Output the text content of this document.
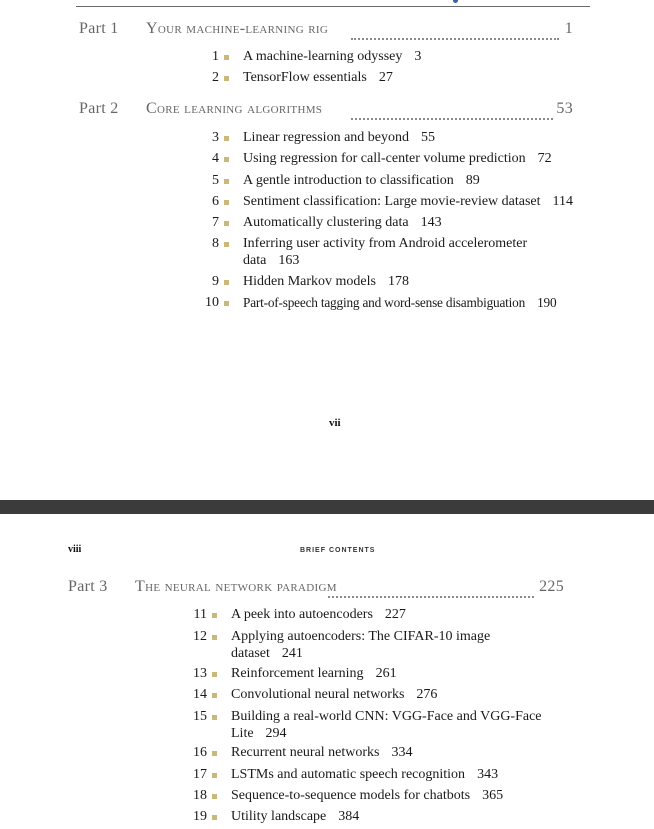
Part 1 Your machine-learning rig	1
1 A machine-learning odyssey 3
2 TensorFlow essentials 27
Part 2 Core learning algorithms	53
3 Linear regression and beyond 55
4 Using regression for call-center volume prediction 72
5 A gentle introduction to classification 89
6 Sentiment classification: Large movie-review dataset 114
7 Automatically clustering data 143
8 Inferring user activity from Android accelerometer
data 163
9 Hidden Markov models 178
10 Part-of-speech tagging and word-sense disambiguation 190
vii
viii	BRIEF CONTENTS
Part 3 The neural network paradigm	225
11 A peek into autoencoders 227
12 Applying autoencoders: The CIFAR-10 image
dataset 241
13 Reinforcement learning 261
14 Convolutional neural networks 276
15 Building a real-world CNN: VGG-Face and VGG-Face
Lite 294
16 Recurrent neural networks 334
17 LSTMs and automatic speech recognition 343
18 Sequence-to-sequence models for chatbots 365
19 Utility landscape 384
